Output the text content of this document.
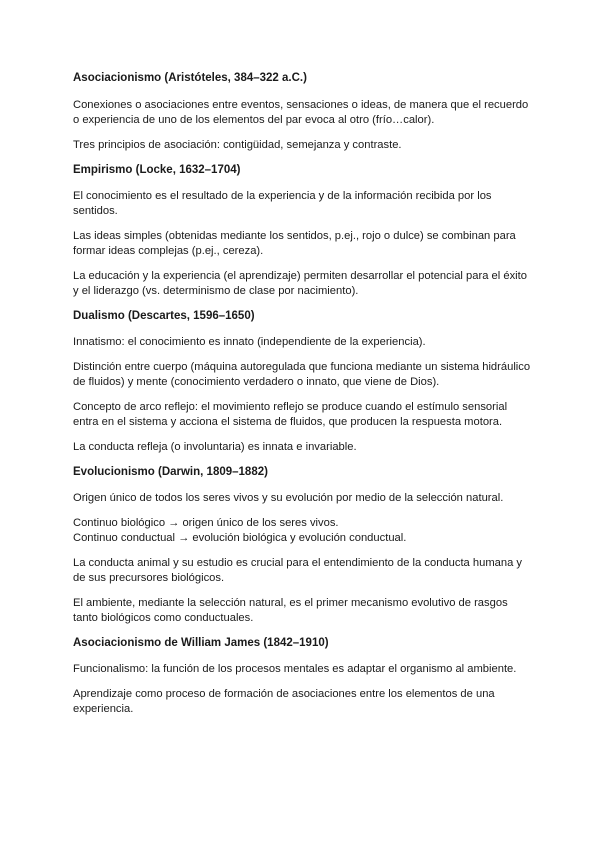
Asociacionismo (Aristóteles, 384–322 a.C.)

Conexiones o asociaciones entre eventos, sensaciones o ideas, de manera que el recuerdo o experiencia de uno de los elementos del par evoca al otro (frío…calor).

Tres principios de asociación: contigüidad, semejanza y contraste.

Empirismo (Locke, 1632–1704)

El conocimiento es el resultado de la experiencia y de la información recibida por los sentidos.

Las ideas simples (obtenidas mediante los sentidos, p.ej., rojo o dulce) se combinan para formar ideas complejas (p.ej., cereza).

La educación y la experiencia (el aprendizaje) permiten desarrollar el potencial para el éxito y el liderazgo (vs. determinismo de clase por nacimiento).

Dualismo (Descartes, 1596–1650)

Innatismo: el conocimiento es innato (independiente de la experiencia).

Distinción entre cuerpo (máquina autoregulada que funciona mediante un sistema hidráulico de fluidos) y mente (conocimiento verdadero o innato, que viene de Dios).

Concepto de arco reflejo: el movimiento reflejo se produce cuando el estímulo sensorial entra en el sistema y acciona el sistema de fluidos, que producen la respuesta motora.

La conducta refleja (o involuntaria) es innata e invariable.

Evolucionismo (Darwin, 1809–1882)

Origen único de todos los seres vivos y su evolución por medio de la selección natural.

Continuo biológico → origen único de los seres vivos.
Continuo conductual → evolución biológica y evolución conductual.

La conducta animal y su estudio es crucial para el entendimiento de la conducta humana y de sus precursores biológicos.

El ambiente, mediante la selección natural, es el primer mecanismo evolutivo de rasgos tanto biológicos como conductuales.

Asociacionismo de William James (1842–1910)

Funcionalismo: la función de los procesos mentales es adaptar el organismo al ambiente.

Aprendizaje como proceso de formación de asociaciones entre los elementos de una experiencia.
